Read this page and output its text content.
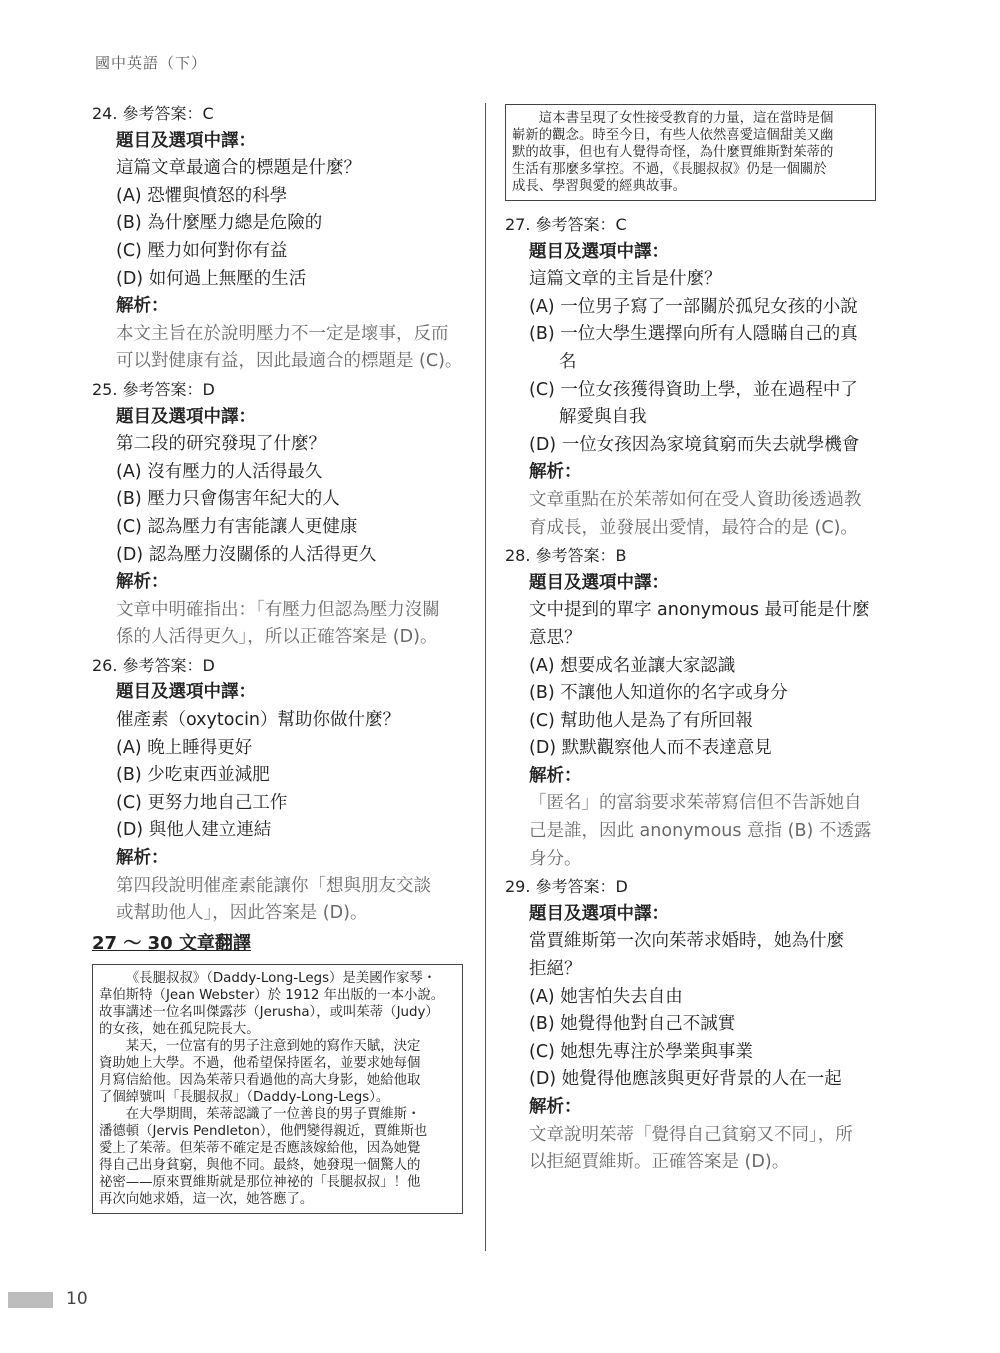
國中英語（下）
24. 參考答案：C
題目及選項中譯：
這篇文章最適合的標題是什麼？
(A) 恐懼與憤怒的科學
(B) 為什麼壓力總是危險的
(C) 壓力如何對你有益
(D) 如何過上無壓的生活
解析：
本文主旨在於說明壓力不一定是壞事，反而
可以對健康有益，因此最適合的標題是 (C)。
25. 參考答案：D
題目及選項中譯：
第二段的研究發現了什麼？
(A) 沒有壓力的人活得最久
(B) 壓力只會傷害年紀大的人
(C) 認為壓力有害能讓人更健康
(D) 認為壓力沒關係的人活得更久
解析：
文章中明確指出：「有壓力但認為壓力沒關
係的人活得更久」，所以正確答案是 (D)。
26. 參考答案：D
題目及選項中譯：
催產素（oxytocin）幫助你做什麼？
(A) 晚上睡得更好
(B) 少吃東西並減肥
(C) 更努力地自己工作
(D) 與他人建立連結
解析：
第四段說明催產素能讓你「想與朋友交談
或幫助他人」，因此答案是 (D)。
27 ～ 30 文章翻譯

《長腿叔叔》（Daddy-Long-Legs）是美國作家琴・
韋伯斯特（Jean Webster）於 1912 年出版的一本小說。
故事講述一位名叫傑露莎（Jerusha），或叫茱蒂（Judy）
的女孩，她在孤兒院長大。

某天，一位富有的男子注意到她的寫作天賦，決定
資助她上大學。不過，他希望保持匿名，並要求她每個
月寫信給他。因為茱蒂只看過他的高大身影，她給他取
了個綽號叫「長腿叔叔」（Daddy-Long-Legs）。

在大學期間，茱蒂認識了一位善良的男子賈維斯・
潘德頓（Jervis Pendleton），他們變得親近，賈維斯也
愛上了茱蒂。但茱蒂不確定是否應該嫁給他，因為她覺
得自己出身貧窮，與他不同。最終，她發現一個驚人的
祕密——原來賈維斯就是那位神祕的「長腿叔叔」！他
再次向她求婚，這一次，她答應了。

這本書呈現了女性接受教育的力量，這在當時是個
嶄新的觀念。時至今日，有些人依然喜愛這個甜美又幽
默的故事，但也有人覺得奇怪，為什麼賈維斯對茱蒂的
生活有那麼多掌控。不過，《長腿叔叔》仍是一個關於
成長、學習與愛的經典故事。

27. 參考答案：C
題目及選項中譯：
這篇文章的主旨是什麼？
(A) 一位男子寫了一部關於孤兒女孩的小說
(B) 一位大學生選擇向所有人隱瞞自己的真
名
(C) 一位女孩獲得資助上學，並在過程中了
解愛與自我
(D) 一位女孩因為家境貧窮而失去就學機會
解析：
文章重點在於茱蒂如何在受人資助後透過教
育成長，並發展出愛情，最符合的是 (C)。
28. 參考答案：B
題目及選項中譯：
文中提到的單字 anonymous 最可能是什麼
意思？
(A) 想要成名並讓大家認識
(B) 不讓他人知道你的名字或身分
(C) 幫助他人是為了有所回報
(D) 默默觀察他人而不表達意見
解析：
「匿名」的富翁要求茱蒂寫信但不告訴她自
己是誰，因此 anonymous 意指 (B) 不透露
身分。
29. 參考答案：D
題目及選項中譯：
當賈維斯第一次向茱蒂求婚時，她為什麼
拒絕？
(A) 她害怕失去自由
(B) 她覺得他對自己不誠實
(C) 她想先專注於學業與事業
(D) 她覺得他應該與更好背景的人在一起
解析：
文章說明茱蒂「覺得自己貧窮又不同」，所
以拒絕賈維斯。正確答案是 (D)。
10
